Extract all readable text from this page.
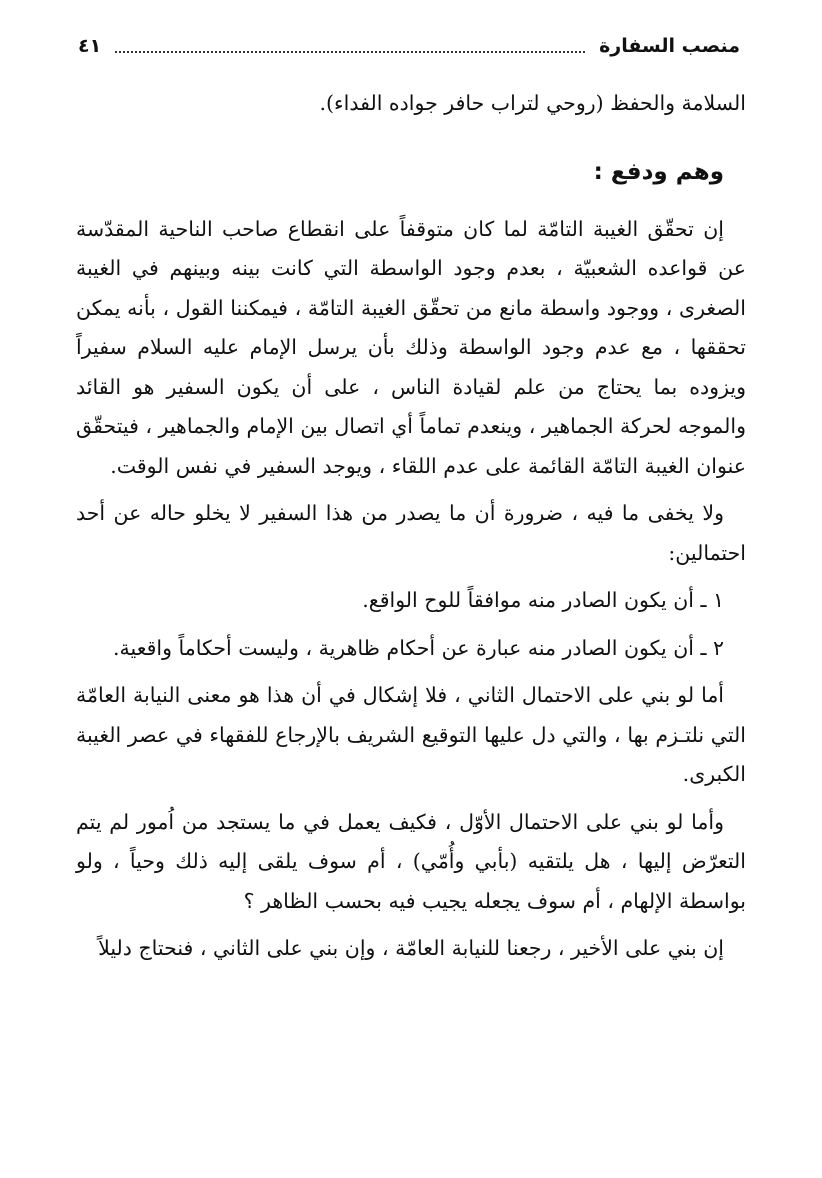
منصب السفارة
٤١

السلامة والحفظ (روحي لتراب حافر جواده الفداء).

وهم ودفع :

إن تحقّق الغيبة التامّة لما كان متوقفاً على انقطاع صاحب الناحية المقدّسة عن قواعده الشعبيّة ، بعدم وجود الواسطة التي كانت بينه وبينهم في الغيبة الصغرى ، ووجود واسطة مانع من تحقّق الغيبة التامّة ، فيمكننا القول ، بأنه يمكن تحققها ، مع عدم وجود الواسطة وذلك بأن يرسل الإمام عليه السلام سفيراً ويزوده بما يحتاج من علم لقيادة الناس ، على أن يكون السفير هو القائد والموجه لحركة الجماهير ، وينعدم تماماً أي اتصال بين الإمام والجماهير ، فيتحقّق عنوان الغيبة التامّة القائمة على عدم اللقاء ، ويوجد السفير في نفس الوقت.

ولا يخفى ما فيه ، ضرورة أن ما يصدر من هذا السفير لا يخلو حاله عن أحد احتمالين:

١ ـ أن يكون الصادر منه موافقاً للوح الواقع.

٢ ـ أن يكون الصادر منه عبارة عن أحكام ظاهرية ، وليست أحكاماً واقعية.

أما لو بني على الاحتمال الثاني ، فلا إشكال في أن هذا هو معنى النيابة العامّة التي نلتـزم بها ، والتي دل عليها التوقيع الشريف بالإرجاع للفقهاء في عصر الغيبة الكبرى.

وأما لو بني على الاحتمال الأوّل ، فكيف يعمل في ما يستجد من اُمور لم يتم التعرّض إليها ، هل يلتقيه (بأبي وأُمّي) ، أم سوف يلقى إليه ذلك وحياً ، ولو بواسطة الإلهام ، أم سوف يجعله يجيب فيه بحسب الظاهر ؟

إن بني على الأخير ، رجعنا للنيابة العامّة ، وإن بني على الثاني ، فنحتاج دليلاً
